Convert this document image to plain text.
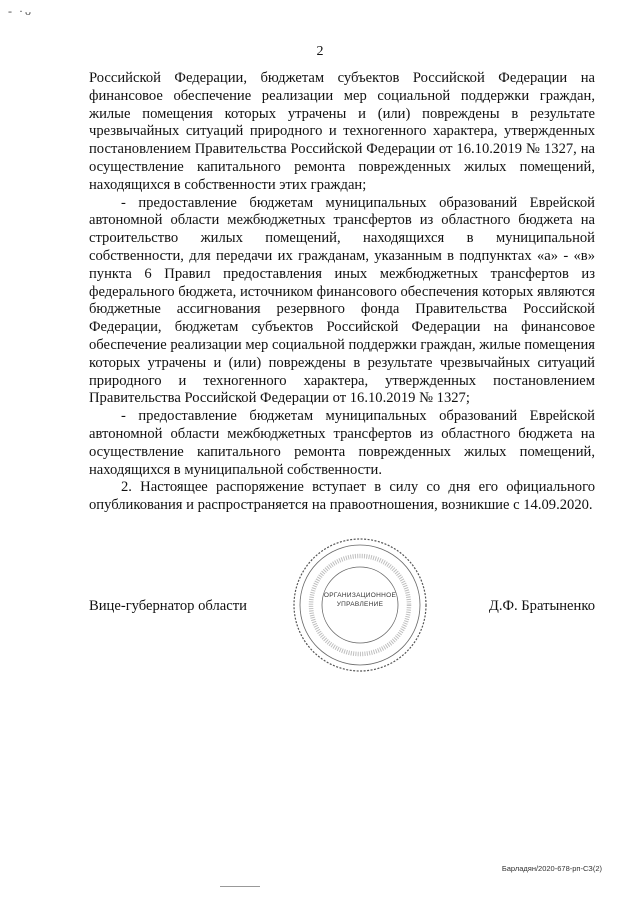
- ·ᴗ
2

Российской Федерации, бюджетам субъектов Российской Федерации на финансовое обеспечение реализации мер социальной поддержки граждан, жилые помещения которых утрачены и (или) повреждены в результате чрезвычайных ситуаций природного и техногенного характера, утвержденных постановлением Правительства Российской Федерации от 16.10.2019 № 1327, на осуществление капитального ремонта поврежденных жилых помещений, находящихся в собственности этих граждан;

- предоставление бюджетам муниципальных образований Еврейской автономной области межбюджетных трансфертов из областного бюджета на строительство жилых помещений, находящихся в муниципальной собственности, для передачи их гражданам, указанным в подпунктах «а» - «в» пункта 6 Правил предоставления иных межбюджетных трансфертов из федерального бюджета, источником финансового обеспечения которых являются бюджетные ассигнования резервного фонда Правительства Российской Федерации, бюджетам субъектов Российской Федерации на финансовое обеспечение реализации мер социальной поддержки граждан, жилые помещения которых утрачены и (или) повреждены в результате чрезвычайных ситуаций природного и техногенного характера, утвержденных постановлением Правительства Российской Федерации от 16.10.2019 № 1327;

- предоставление бюджетам муниципальных образований Еврейской автономной области межбюджетных трансфертов из областного бюджета на осуществление капитального ремонта поврежденных жилых помещений, находящихся в муниципальной собственности.

2. Настоящее распоряжение вступает в силу со дня его официального опубликования и распространяется на правоотношения, возникшие с 14.09.2020.

ОРГАНИЗАЦИОННОЕ УПРАВЛЕНИЕ
Вице-губернатор области	Д.Ф. Братыненко
Барладян/2020-678-рп-СЗ(2)
